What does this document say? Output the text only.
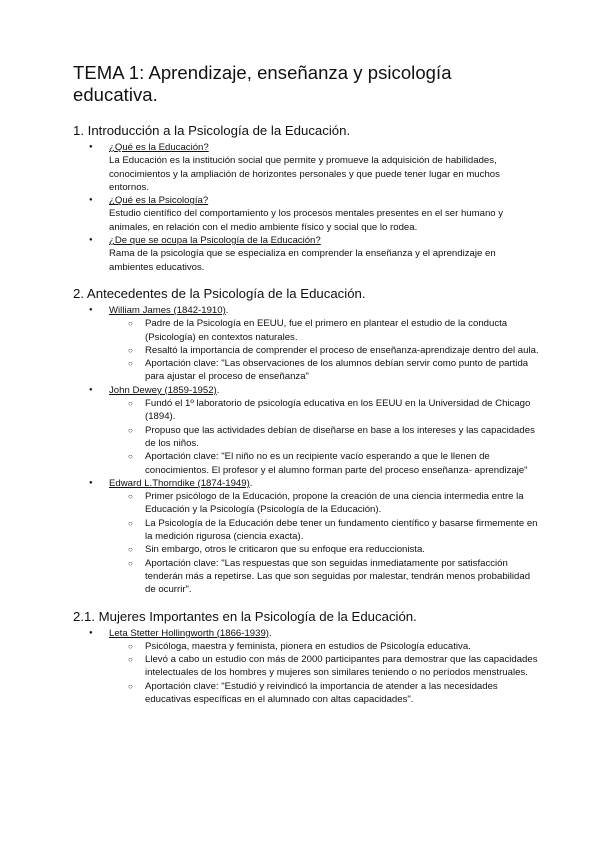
TEMA 1: Aprendizaje, enseñanza y psicología educativa.
1. Introducción a la Psicología de la Educación.
● ¿Qué es la Educación?
La Educación es la institución social que permite y promueve la adquisición de habilidades, conocimientos y la ampliación de horizontes personales y que puede tener lugar en muchos entornos.
● ¿Qué es la Psicología?
Estudio científico del comportamiento y los procesos mentales presentes en el ser humano y animales, en relación con el medio ambiente físico y social que lo rodea.
● ¿De que se ocupa la Psicología de la Educación?
Rama de la psicología que se especializa en comprender la enseñanza y el aprendizaje en ambientes educativos.
2. Antecedentes de la Psicología de la Educación.
● William James (1842-1910).
○ Padre de la Psicología en EEUU, fue el primero en plantear el estudio de la conducta (Psicología) en contextos naturales.
○ Resaltó la importancia de comprender el proceso de enseñanza-aprendizaje dentro del aula.
○ Aportación clave: "Las observaciones de los alumnos debían servir como punto de partida para ajustar el proceso de enseñanza"
● John Dewey (1859-1952).
○ Fundó el 1º laboratorio de psicología educativa en los EEUU en la Universidad de Chicago (1894).
○ Propuso que las actividades debían de diseñarse en base a los intereses y las capacidades de los niños.
○ Aportación clave: "El niño no es un recipiente vacío esperando a que le llenen de conocimientos. El profesor y el alumno forman parte del proceso enseñanza- aprendizaje"
● Edward L.Thorndike (1874-1949).
○ Primer psicólogo de la Educación, propone la creación de una ciencia intermedia entre la Educación y la Psicología (Psicología de la Educación).
○ La Psicología de la Educación debe tener un fundamento científico y basarse firmemente en la medición rigurosa (ciencia exacta).
○ Sin embargo, otros le criticaron que su enfoque era reduccionista.
○ Aportación clave: "Las respuestas que son seguidas inmediatamente por satisfacción tenderán más a repetirse. Las que son seguidas por malestar, tendrán menos probabilidad de ocurrir".
2.1. Mujeres Importantes en la Psicología de la Educación.
● Leta Stetter Hollingworth (1866-1939).
○ Psicóloga, maestra y feminista, pionera en estudios de Psicología educativa.
○ Llevó a cabo un estudio con más de 2000 participantes para demostrar que las capacidades intelectuales de los hombres y mujeres son similares teniendo o no períodos menstruales.
○ Aportación clave: "Estudió y reivindicó la importancia de atender a las necesidades educativas específicas en el alumnado con altas capacidades".
